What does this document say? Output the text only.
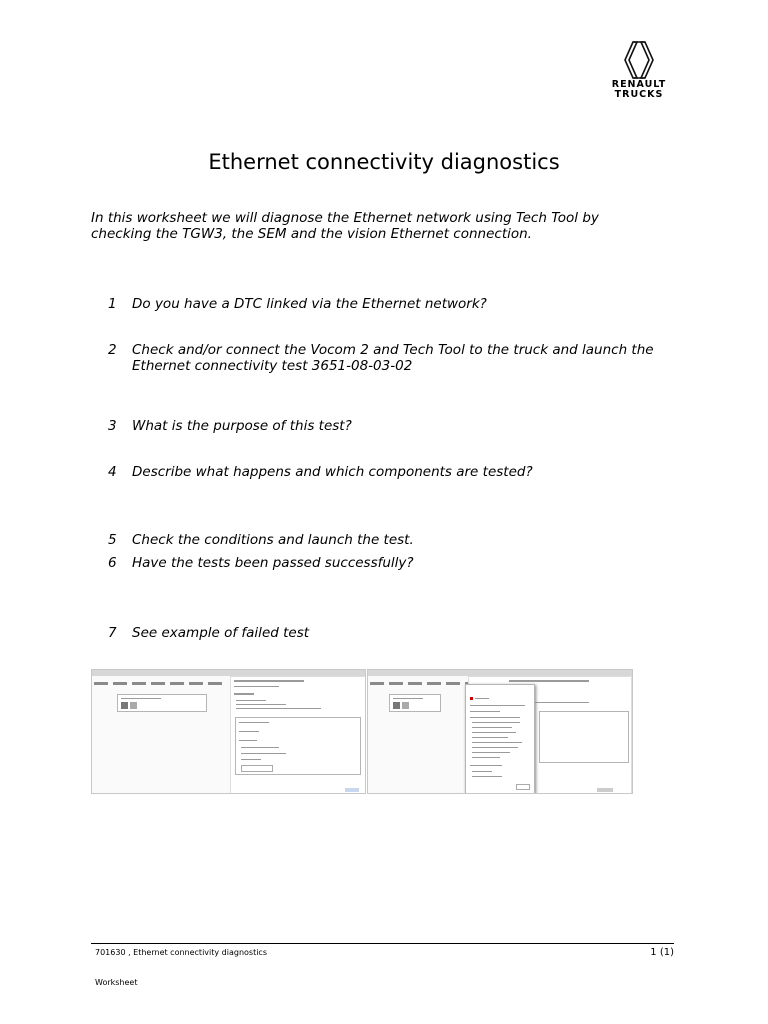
RENAULT
TRUCKS
Ethernet connectivity diagnostics
In this worksheet we will diagnose the Ethernet network using Tech Tool by checking the TGW3, the SEM and the vision Ethernet connection.
1 Do you have a DTC linked via the Ethernet network?
2 Check and/or connect the Vocom 2 and Tech Tool to the truck and launch the Ethernet connectivity test 3651-08-03-02
3 What is the purpose of this test?
4 Describe what happens and which components are tested?
5 Check the conditions and launch the test.
6 Have the tests been passed successfully?
7 See example of failed test
701630 , Ethernet connectivity diagnostics	1 (1)
Worksheet
